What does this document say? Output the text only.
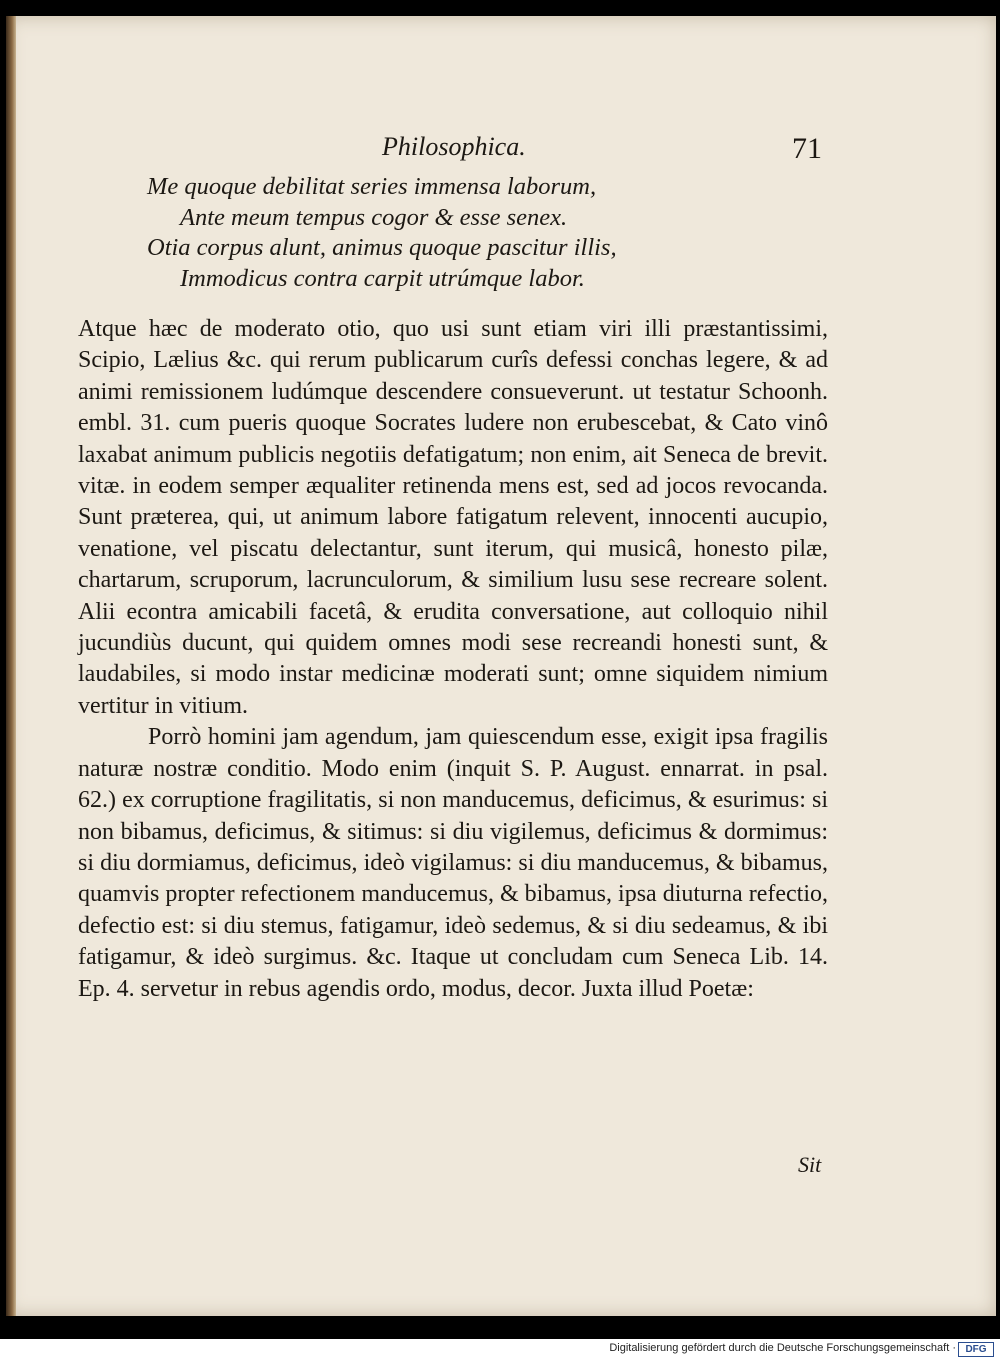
Philosophica.	71
Me quoque debilitat series immensa laborum,
Ante meum tempus cogor & esse senex.
Otia corpus alunt, animus quoque pascitur illis,
Immodicus contra carpit utrúmque labor.

Atque hæc de moderato otio, quo usi sunt etiam viri illi præstantissimi, Scipio, Lælius &c. qui rerum publicarum curîs defessi conchas legere, & ad animi remissionem ludúmque descendere consueverunt. ut testatur Schoonh. embl. 31. cum pueris quoque Socrates ludere non erubescebat, & Cato vinô laxabat animum publicis negotiis defatigatum; non enim, ait Seneca de brevit. vitæ. in eodem semper æqualiter retinenda mens est, sed ad jocos revocanda. Sunt præterea, qui, ut animum labore fatigatum relevent, innocenti aucupio, venatione, vel piscatu delectantur, sunt iterum, qui musicâ, honesto pilæ, chartarum, scruporum, lacrunculorum, & similium lusu sese recreare solent. Alii econtra amicabili facetâ, & erudita conversatione, aut colloquio nihil jucundiùs ducunt, qui quidem omnes modi sese recreandi honesti sunt, & laudabiles, si modo instar medicinæ moderati sunt; omne siquidem nimium vertitur in vitium.

Porrò homini jam agendum, jam quiescendum esse, exigit ipsa fragilis naturæ nostræ conditio. Modo enim (inquit S. P. August. ennarrat. in psal. 62.) ex corruptione fragilitatis, si non manducemus, deficimus, & esurimus: si non bibamus, deficimus, & sitimus: si diu vigilemus, deficimus & dormimus: si diu dormiamus, deficimus, ideò vigilamus: si diu manducemus, & bibamus, quamvis propter refectionem manducemus, & bibamus, ipsa diuturna refectio, defectio est: si diu stemus, fatigamur, ideò sedemus, & si diu sedeamus, & ibi fatigamur, & ideò surgimus. &c. Itaque ut concludam cum Seneca Lib. 14. Ep. 4. servetur in rebus agendis ordo, modus, decor. Juxta illud Poetæ:

Sit
Digitalisierung gefördert durch die Deutsche Forschungsgemeinschaft · DFG
